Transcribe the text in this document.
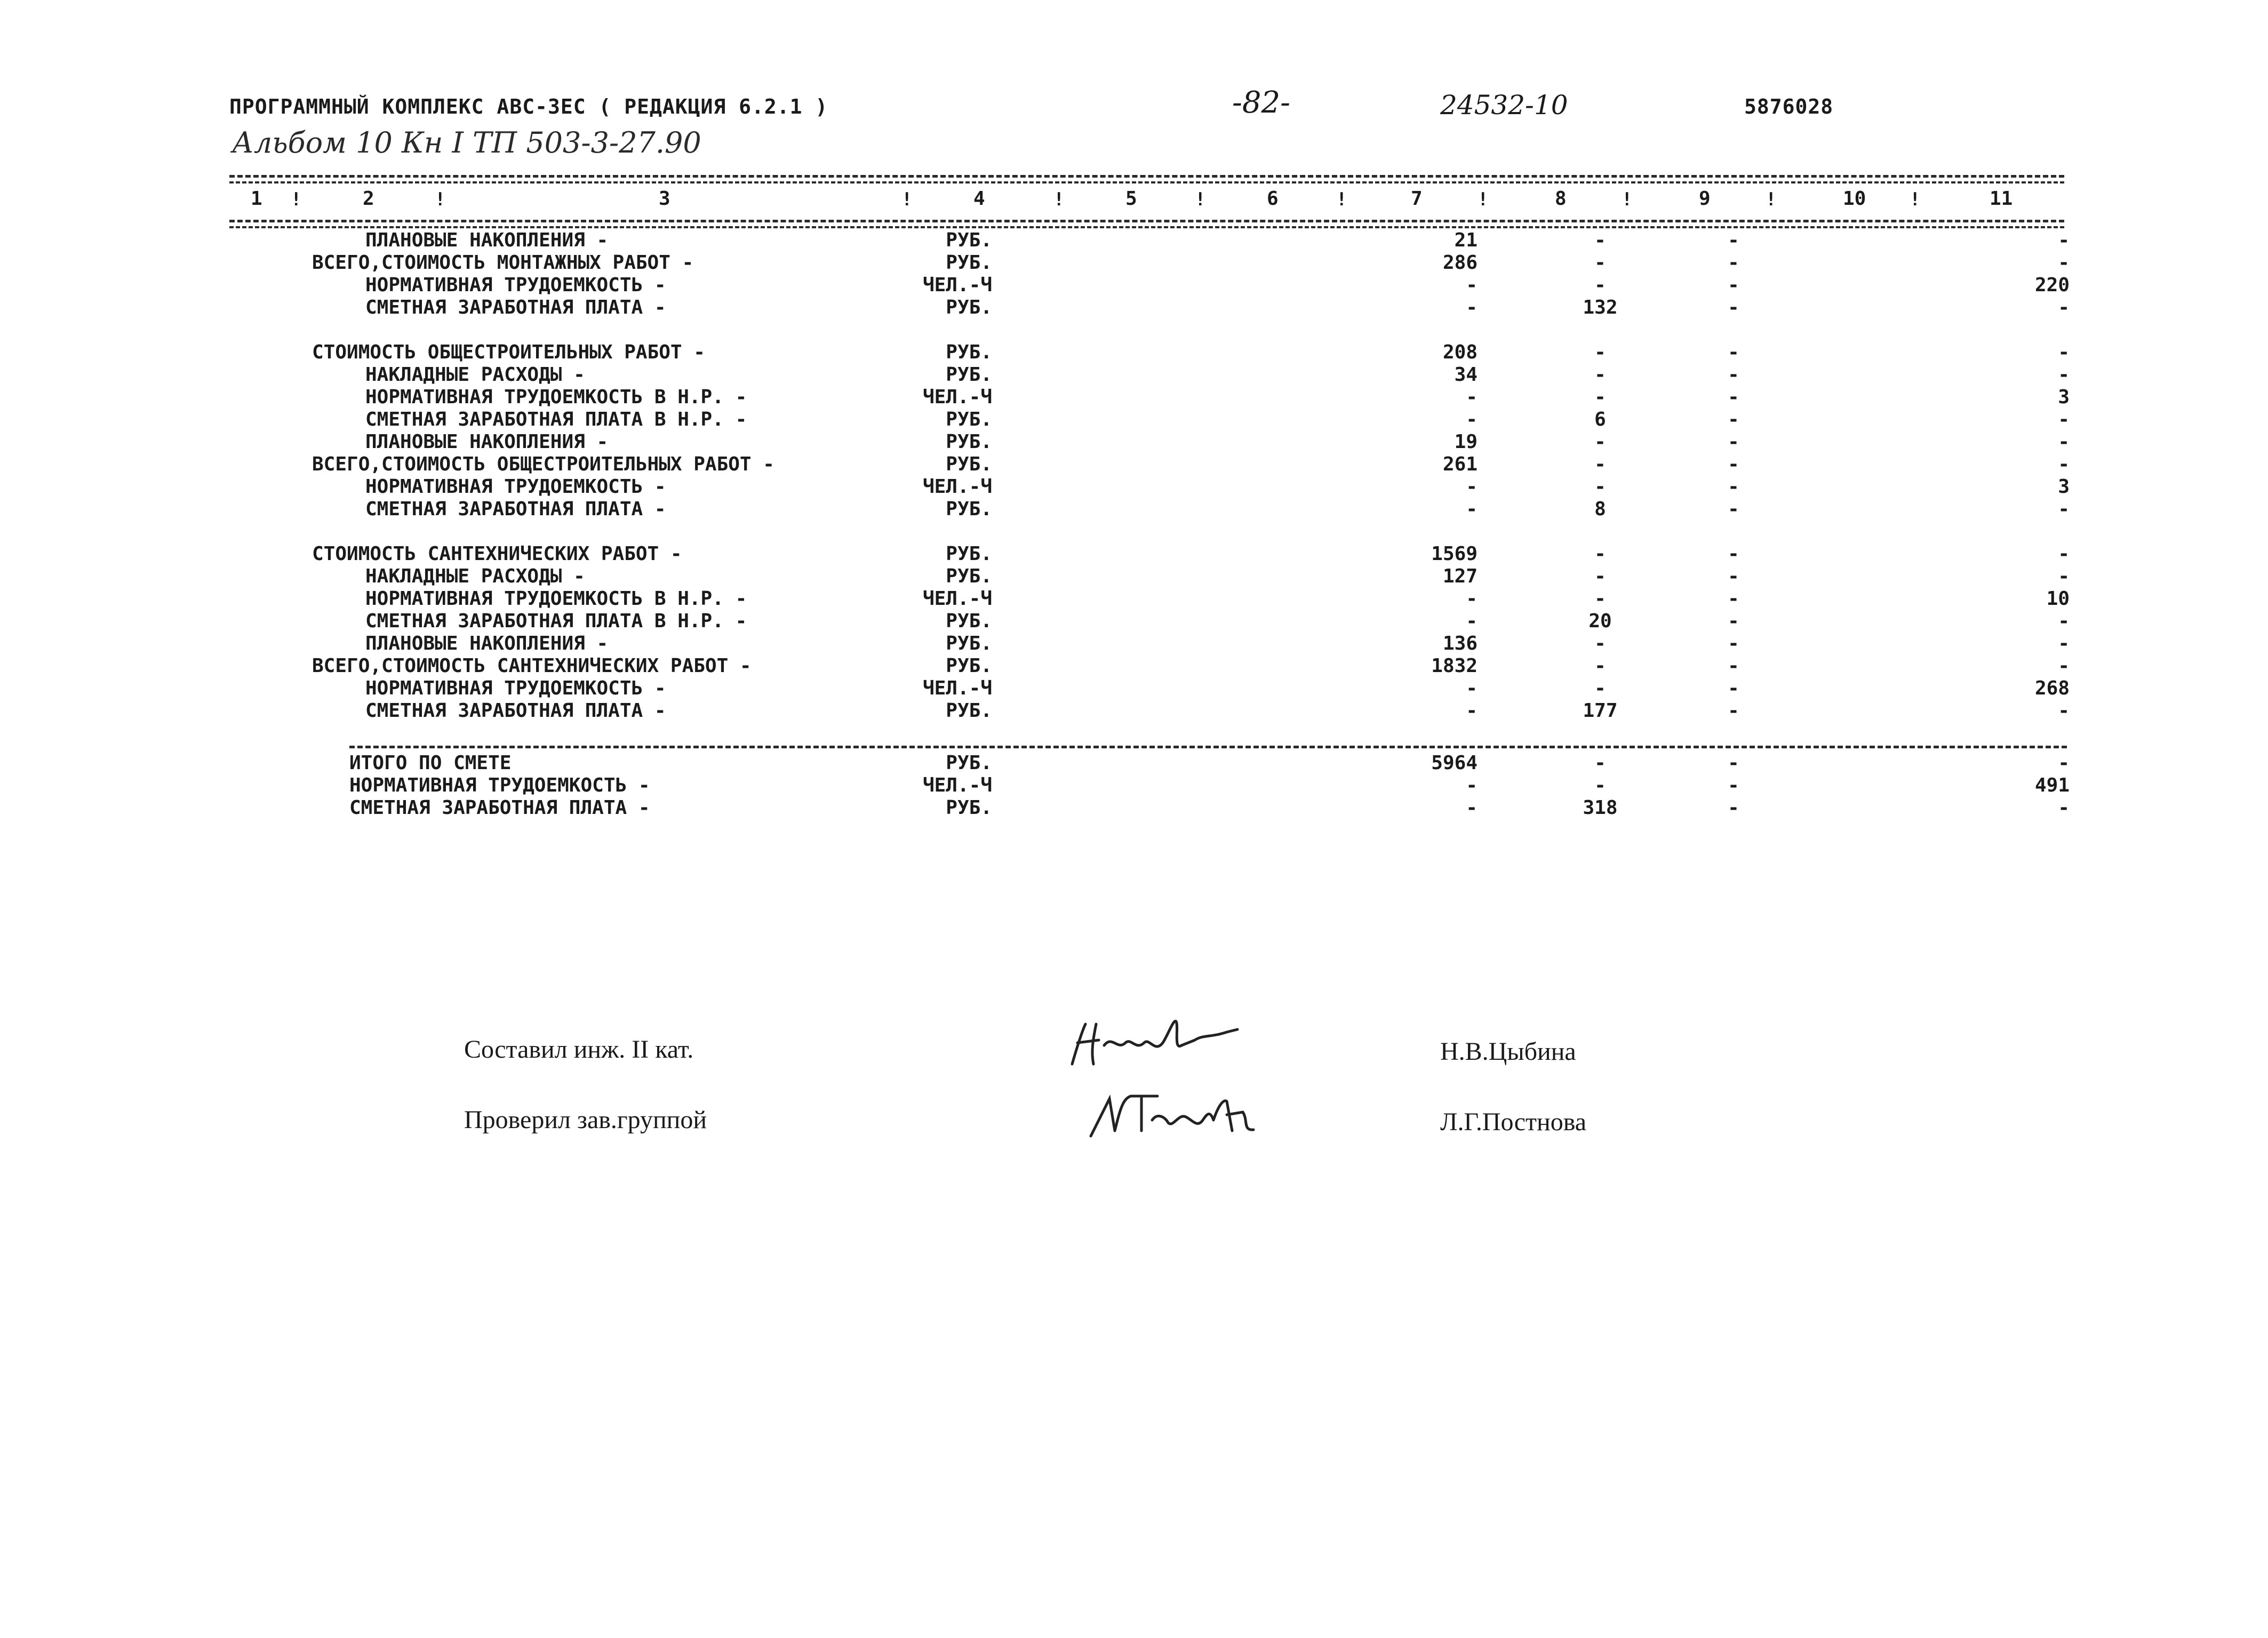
ПРОГРАММНЫЙ КОМПЛЕКС АВС-ЗЕС ( РЕДАКЦИЯ 6.2.1 )	-82-	24532-10	5876028
Альбом 10 Кн I ТП 503-3-27.90
1	2	3	4	5	6	7	8	9	10	11
!	!	!	!	!	!	!	!	!	!
ПЛАНОВЫЕ НАКОПЛЕНИЯ -	РУБ.	21	-	-	-
ВСЕГО,СТОИМОСТЬ МОНТАЖНЫХ РАБОТ -	РУБ.	286	-	-	-
НОРМАТИВНАЯ ТРУДОЕМКОСТЬ -	ЧЕЛ.-Ч	-	-	-	220
СМЕТНАЯ ЗАРАБОТНАЯ ПЛАТА -	РУБ.	-	132	-	-
СТОИМОСТЬ ОБЩЕСТРОИТЕЛЬНЫХ РАБОТ -	РУБ.	208	-	-	-
НАКЛАДНЫЕ РАСХОДЫ -	РУБ.	34	-	-	-
НОРМАТИВНАЯ ТРУДОЕМКОСТЬ В Н.Р. -	ЧЕЛ.-Ч	-	-	-	3
СМЕТНАЯ ЗАРАБОТНАЯ ПЛАТА В Н.Р. -	РУБ.	-	6	-	-
ПЛАНОВЫЕ НАКОПЛЕНИЯ -	РУБ.	19	-	-	-
ВСЕГО,СТОИМОСТЬ ОБЩЕСТРОИТЕЛЬНЫХ РАБОТ -	РУБ.	261	-	-	-
НОРМАТИВНАЯ ТРУДОЕМКОСТЬ -	ЧЕЛ.-Ч	-	-	-	3
СМЕТНАЯ ЗАРАБОТНАЯ ПЛАТА -	РУБ.	-	8	-	-
СТОИМОСТЬ САНТЕХНИЧЕСКИХ РАБОТ -	РУБ.	1569	-	-	-
НАКЛАДНЫЕ РАСХОДЫ -	РУБ.	127	-	-	-
НОРМАТИВНАЯ ТРУДОЕМКОСТЬ В Н.Р. -	ЧЕЛ.-Ч	-	-	-	10
СМЕТНАЯ ЗАРАБОТНАЯ ПЛАТА В Н.Р. -	РУБ.	-	20	-	-
ПЛАНОВЫЕ НАКОПЛЕНИЯ -	РУБ.	136	-	-	-
ВСЕГО,СТОИМОСТЬ САНТЕХНИЧЕСКИХ РАБОТ -	РУБ.	1832	-	-	-
НОРМАТИВНАЯ ТРУДОЕМКОСТЬ -	ЧЕЛ.-Ч	-	-	-	268
СМЕТНАЯ ЗАРАБОТНАЯ ПЛАТА -	РУБ.	-	177	-	-
ИТОГО ПО СМЕТЕ	РУБ.	5964	-	-	-
НОРМАТИВНАЯ ТРУДОЕМКОСТЬ -	ЧЕЛ.-Ч	-	-	-	491
СМЕТНАЯ ЗАРАБОТНАЯ ПЛАТА -	РУБ.	-	318	-	-
Составил инж. II кат.	Н.В.Цыбина
Проверил зав.группой	Л.Г.Постнова
